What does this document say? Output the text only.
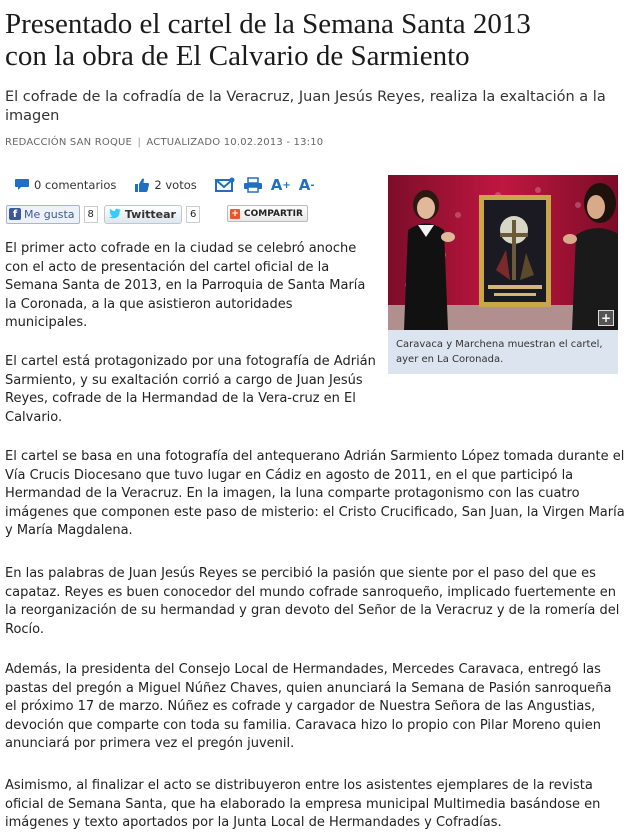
Presentado el cartel de la Semana Santa 2013
con la obra de El Calvario de Sarmiento

El cofrade de la cofradía de la Veracruz, Juan Jesús Reyes, realiza la exaltación a la imagen

REDACCIÓN SAN ROQUE | ACTUALIZADO 10.02.2013 - 13:10
0 comentarios	2 votos	A + A -
f Me gusta	8	Twittear	6	+ COMPARTIR
+
Caravaca y Marchena muestran el cartel, ayer en La Coronada.

El primer acto cofrade en la ciudad se celebró anoche con el acto de presentación del cartel oficial de la Semana Santa de 2013, en la Parroquia de Santa María la Coronada, a la que asistieron autoridades municipales.

El cartel está protagonizado por una fotografía de Adrián Sarmiento, y su exaltación corrió a cargo de Juan Jesús Reyes, cofrade de la Hermandad de la Vera-cruz en El Calvario.

El cartel se basa en una fotografía del antequerano Adrián Sarmiento López tomada durante el Vía Crucis Diocesano que tuvo lugar en Cádiz en agosto de 2011, en el que participó la Hermandad de la Veracruz. En la imagen, la luna comparte protagonismo con las cuatro imágenes que componen este paso de misterio: el Cristo Crucificado, San Juan, la Virgen María y María Magdalena.

En las palabras de Juan Jesús Reyes se percibió la pasión que siente por el paso del que es capataz. Reyes es buen conocedor del mundo cofrade sanroqueño, implicado fuertemente en la reorganización de su hermandad y gran devoto del Señor de la Veracruz y de la romería del Rocío.

Además, la presidenta del Consejo Local de Hermandades, Mercedes Caravaca, entregó las pastas del pregón a Miguel Núñez Chaves, quien anunciará la Semana de Pasión sanroqueña el próximo 17 de marzo. Núñez es cofrade y cargador de Nuestra Señora de las Angustias, devoción que comparte con toda su familia. Caravaca hizo lo propio con Pilar Moreno quien anunciará por primera vez el pregón juvenil.

Asimismo, al finalizar el acto se distribuyeron entre los asistentes ejemplares de la revista oficial de Semana Santa, que ha elaborado la empresa municipal Multimedia basándose en imágenes y texto aportados por la Junta Local de Hermandades y Cofradías.
